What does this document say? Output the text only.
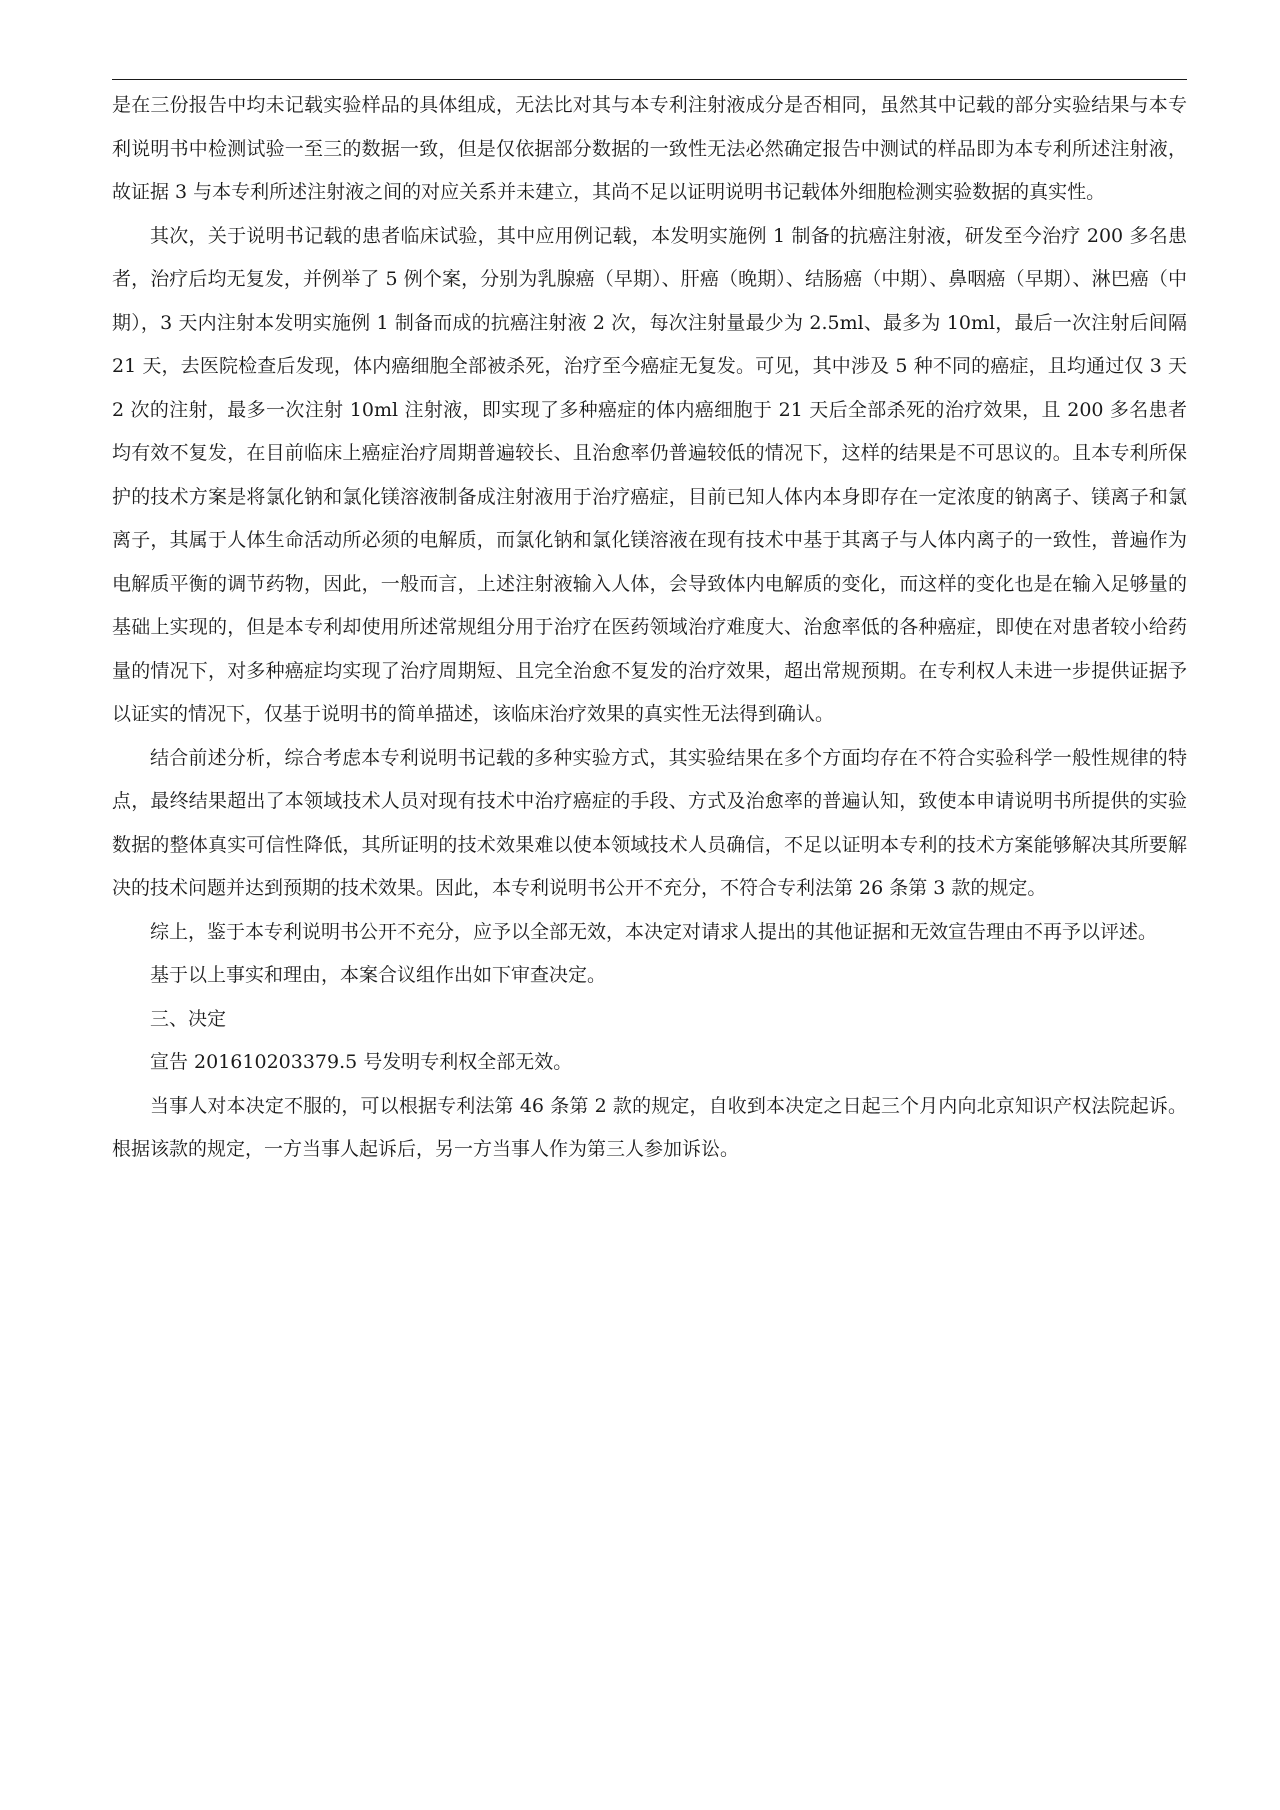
是在三份报告中均未记载实验样品的具体组成，无法比对其与本专利注射液成分是否相同，虽然其中记载的部分实验结果与本专利说明书中检测试验一至三的数据一致，但是仅依据部分数据的一致性无法必然确定报告中测试的样品即为本专利所述注射液，故证据 3 与本专利所述注射液之间的对应关系并未建立，其尚不足以证明说明书记载体外细胞检测实验数据的真实性。

其次，关于说明书记载的患者临床试验，其中应用例记载，本发明实施例 1 制备的抗癌注射液，研发至今治疗 200 多名患者，治疗后均无复发，并例举了 5 例个案，分别为乳腺癌（早期）、肝癌（晚期）、结肠癌（中期）、鼻咽癌（早期）、淋巴癌（中期），3 天内注射本发明实施例 1 制备而成的抗癌注射液 2 次，每次注射量最少为 2.5ml、最多为 10ml，最后一次注射后间隔 21 天，去医院检查后发现，体内癌细胞全部被杀死，治疗至今癌症无复发。可见，其中涉及 5 种不同的癌症，且均通过仅 3 天 2 次的注射，最多一次注射 10ml 注射液，即实现了多种癌症的体内癌细胞于 21 天后全部杀死的治疗效果，且 200 多名患者均有效不复发，在目前临床上癌症治疗周期普遍较长、且治愈率仍普遍较低的情况下，这样的结果是不可思议的。且本专利所保护的技术方案是将氯化钠和氯化镁溶液制备成注射液用于治疗癌症，目前已知人体内本身即存在一定浓度的钠离子、镁离子和氯离子，其属于人体生命活动所必须的电解质，而氯化钠和氯化镁溶液在现有技术中基于其离子与人体内离子的一致性，普遍作为电解质平衡的调节药物，因此，一般而言，上述注射液输入人体，会导致体内电解质的变化，而这样的变化也是在输入足够量的基础上实现的，但是本专利却使用所述常规组分用于治疗在医药领域治疗难度大、治愈率低的各种癌症，即使在对患者较小给药量的情况下，对多种癌症均实现了治疗周期短、且完全治愈不复发的治疗效果，超出常规预期。在专利权人未进一步提供证据予以证实的情况下，仅基于说明书的简单描述，该临床治疗效果的真实性无法得到确认。

结合前述分析，综合考虑本专利说明书记载的多种实验方式，其实验结果在多个方面均存在不符合实验科学一般性规律的特点，最终结果超出了本领域技术人员对现有技术中治疗癌症的手段、方式及治愈率的普遍认知，致使本申请说明书所提供的实验数据的整体真实可信性降低，其所证明的技术效果难以使本领域技术人员确信，不足以证明本专利的技术方案能够解决其所要解决的技术问题并达到预期的技术效果。因此，本专利说明书公开不充分，不符合专利法第 26 条第 3 款的规定。

综上，鉴于本专利说明书公开不充分，应予以全部无效，本决定对请求人提出的其他证据和无效宣告理由不再予以评述。

基于以上事实和理由，本案合议组作出如下审查决定。

三、决定

宣告 201610203379.5 号发明专利权全部无效。

当事人对本决定不服的，可以根据专利法第 46 条第 2 款的规定，自收到本决定之日起三个月内向北京知识产权法院起诉。根据该款的规定，一方当事人起诉后，另一方当事人作为第三人参加诉讼。
